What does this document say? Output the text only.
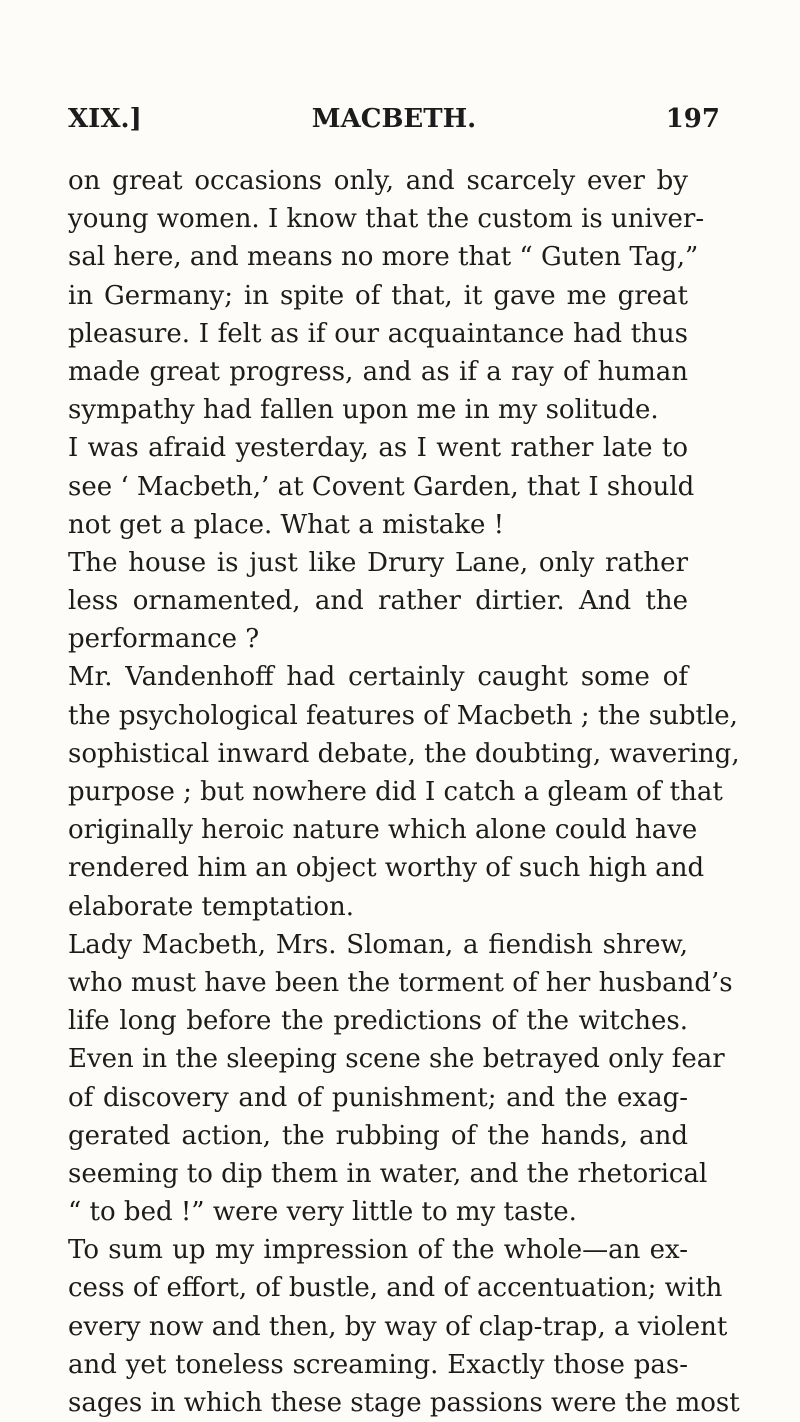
XIX.]	MACBETH.	197
on great occasions only, and scarcely ever by
young women. I know that the custom is univer-
sal here, and means no more that “ Guten Tag,”
in Germany; in spite of that, it gave me great
pleasure. I felt as if our acquaintance had thus
made great progress, and as if a ray of human
sympathy had fallen upon me in my solitude.
I was afraid yesterday, as I went rather late to
see ‘ Macbeth,’ at Covent Garden, that I should
not get a place. What a mistake !
The house is just like Drury Lane, only rather
less ornamented, and rather dirtier. And the
performance ?
Mr. Vandenhoff had certainly caught some of
the psychological features of Macbeth ; the subtle,
sophistical inward debate, the doubting, wavering,
purpose ; but nowhere did I catch a gleam of that
originally heroic nature which alone could have
rendered him an object worthy of such high and
elaborate temptation.
Lady Macbeth, Mrs. Sloman, a fiendish shrew,
who must have been the torment of her husband’s
life long before the predictions of the witches.
Even in the sleeping scene she betrayed only fear
of discovery and of punishment; and the exag-
gerated action, the rubbing of the hands, and
seeming to dip them in water, and the rhetorical
“ to bed !” were very little to my taste.
To sum up my impression of the whole—an ex-
cess of effort, of bustle, and of accentuation; with
every now and then, by way of clap-trap, a violent
and yet toneless screaming. Exactly those pas-
sages in which these stage passions were the most
